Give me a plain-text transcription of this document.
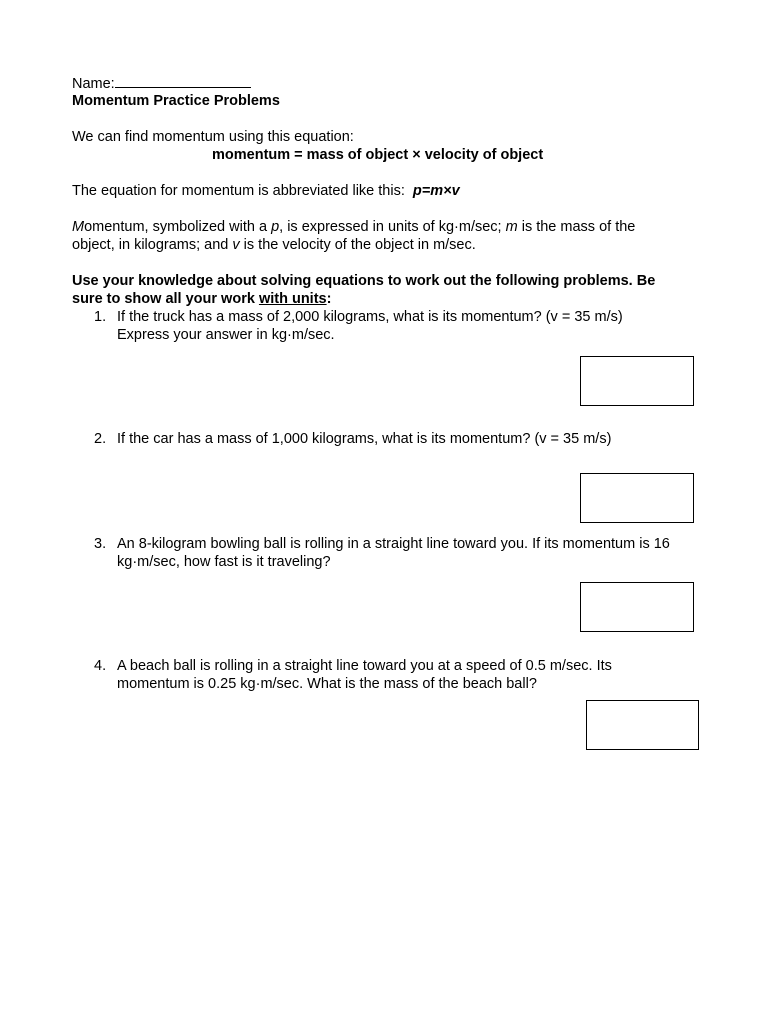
Name:
Momentum Practice Problems
We can find momentum using this equation:
momentum = mass of object × velocity of object
The equation for momentum is abbreviated like this: p=m×v
Momentum, symbolized with a p, is expressed in units of kg·m/sec; m is the mass of the
object, in kilograms; and v is the velocity of the object in m/sec.
Use your knowledge about solving equations to work out the following problems. Be
sure to show all your work with units:
1. If the truck has a mass of 2,000 kilograms, what is its momentum? (v = 35 m/s)
Express your answer in kg·m/sec.
2. If the car has a mass of 1,000 kilograms, what is its momentum? (v = 35 m/s)
3. An 8-kilogram bowling ball is rolling in a straight line toward you. If its momentum is 16
kg·m/sec, how fast is it traveling?
4. A beach ball is rolling in a straight line toward you at a speed of 0.5 m/sec. Its
momentum is 0.25 kg·m/sec. What is the mass of the beach ball?
